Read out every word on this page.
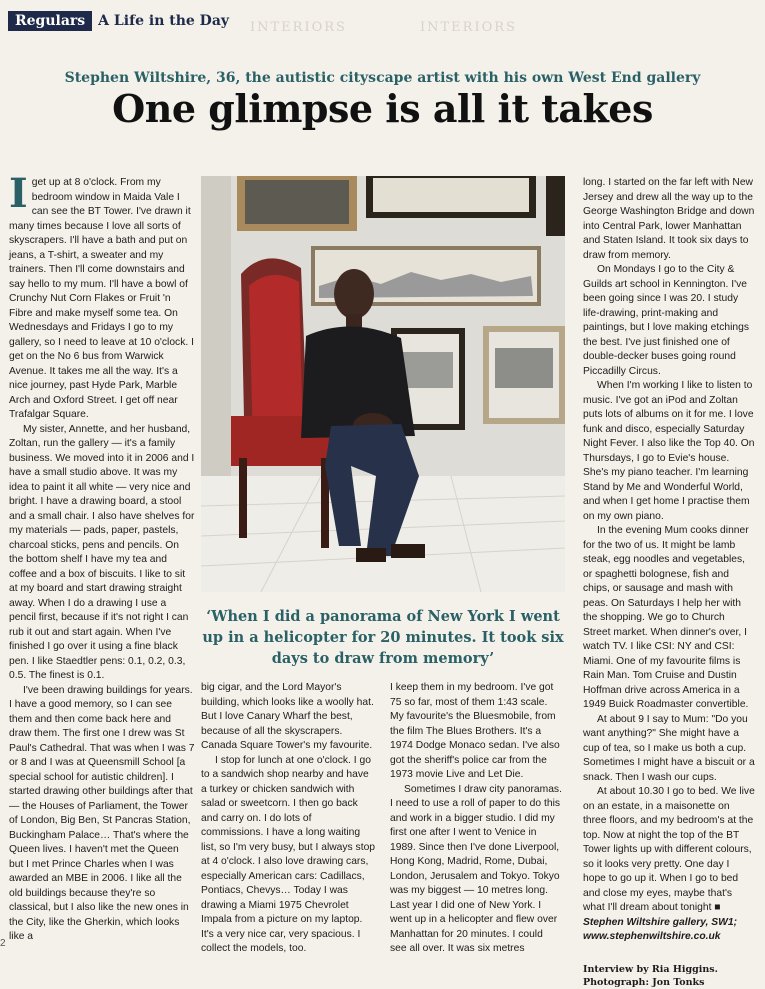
INTERIORS	INTERIORS
Regulars A Life in the Day
Stephen Wiltshire, 36, the autistic cityscape artist with his own West End gallery
One glimpse is all it takes

Iget up at 8 o'clock. From my bedroom window in Maida Vale I can see the BT Tower. I've drawn it many times because I love all sorts of skyscrapers. I'll have a bath and put on jeans, a T-shirt, a sweater and my trainers. Then I'll come downstairs and say hello to my mum. I'll have a bowl of Crunchy Nut Corn Flakes or Fruit 'n Fibre and make myself some tea. On Wednesdays and Fridays I go to my gallery, so I need to leave at 10 o'clock. I get on the No 6 bus from Warwick Avenue. It takes me all the way. It's a nice journey, past Hyde Park, Marble Arch and Oxford Street. I get off near Trafalgar Square.

My sister, Annette, and her husband, Zoltan, run the gallery — it's a family business. We moved into it in 2006 and I have a small studio above. It was my idea to paint it all white — very nice and bright. I have a drawing board, a stool and a small chair. I also have shelves for my materials — pads, paper, pastels, charcoal sticks, pens and pencils. On the bottom shelf I have my tea and coffee and a box of biscuits. I like to sit at my board and start drawing straight away. When I do a drawing I use a pencil first, because if it's not right I can rub it out and start again. When I've finished I go over it using a fine black pen. I like Staedtler pens: 0.1, 0.2, 0.3, 0.5. The finest is 0.1.

I've been drawing buildings for years. I have a good memory, so I can see them and then come back here and draw them. The first one I drew was St Paul's Cathedral. That was when I was 7 or 8 and I was at Queensmill School [a special school for autistic children]. I started drawing other buildings after that — the Houses of Parliament, the Tower of London, Big Ben, St Pancras Station, Buckingham Palace… That's where the Queen lives. I haven't met the Queen but I met Prince Charles when I was awarded an MBE in 2006. I like all the old buildings because they're so classical, but I also like the new ones in the City, like the Gherkin, which looks like a

‘When I did a panorama of New York I went up in a helicopter for 20 minutes. It took six days to draw from memory’

big cigar, and the Lord Mayor's building, which looks like a woolly hat. But I love Canary Wharf the best, because of all the skyscrapers. Canada Square Tower's my favourite.

I stop for lunch at one o'clock. I go to a sandwich shop nearby and have a turkey or chicken sandwich with salad or sweetcorn. I then go back and carry on. I do lots of commissions. I have a long waiting list, so I'm very busy, but I always stop at 4 o'clock. I also love drawing cars, especially American cars: Cadillacs, Pontiacs, Chevys… Today I was drawing a Miami 1975 Chevrolet Impala from a picture on my laptop. It's a very nice car, very spacious. I collect the models, too.

I keep them in my bedroom. I've got 75 so far, most of them 1:43 scale. My favourite's the Bluesmobile, from the film The Blues Brothers. It's a 1974 Dodge Monaco sedan. I've also got the sheriff's police car from the 1973 movie Live and Let Die.

Sometimes I draw city panoramas. I need to use a roll of paper to do this and work in a bigger studio. I did my first one after I went to Venice in 1989. Since then I've done Liverpool, Hong Kong, Madrid, Rome, Dubai, London, Jerusalem and Tokyo. Tokyo was my biggest — 10 metres long. Last year I did one of New York. I went up in a helicopter and flew over Manhattan for 20 minutes. I could see all over. It was six metres

long. I started on the far left with New Jersey and drew all the way up to the George Washington Bridge and down into Central Park, lower Manhattan and Staten Island. It took six days to draw from memory.

On Mondays I go to the City & Guilds art school in Kennington. I've been going since I was 20. I study life-drawing, print-making and paintings, but I love making etchings the best. I've just finished one of double-decker buses going round Piccadilly Circus.

When I'm working I like to listen to music. I've got an iPod and Zoltan puts lots of albums on it for me. I love funk and disco, especially Saturday Night Fever. I also like the Top 40. On Thursdays, I go to Evie's house. She's my piano teacher. I'm learning Stand by Me and Wonderful World, and when I get home I practise them on my own piano.

In the evening Mum cooks dinner for the two of us. It might be lamb steak, egg noodles and vegetables, or spaghetti bolognese, fish and chips, or sausage and mash with peas. On Saturdays I help her with the shopping. We go to Church Street market. When dinner's over, I watch TV. I like CSI: NY and CSI: Miami. One of my favourite films is Rain Man. Tom Cruise and Dustin Hoffman drive across America in a 1949 Buick Roadmaster convertible.

At about 9 I say to Mum: "Do you want anything?" She might have a cup of tea, so I make us both a cup. Sometimes I might have a biscuit or a snack. Then I wash our cups.

At about 10.30 I go to bed. We live on an estate, in a maisonette on three floors, and my bedroom's at the top. Now at night the top of the BT Tower lights up with different colours, so it looks very pretty. One day I hope to go up it. When I go to bed and close my eyes, maybe that's what I'll dream about tonight ■

Stephen Wiltshire gallery, SW1; www.stephenwiltshire.co.uk

Interview by Ria Higgins.
Photograph: Jon Tonks
2
